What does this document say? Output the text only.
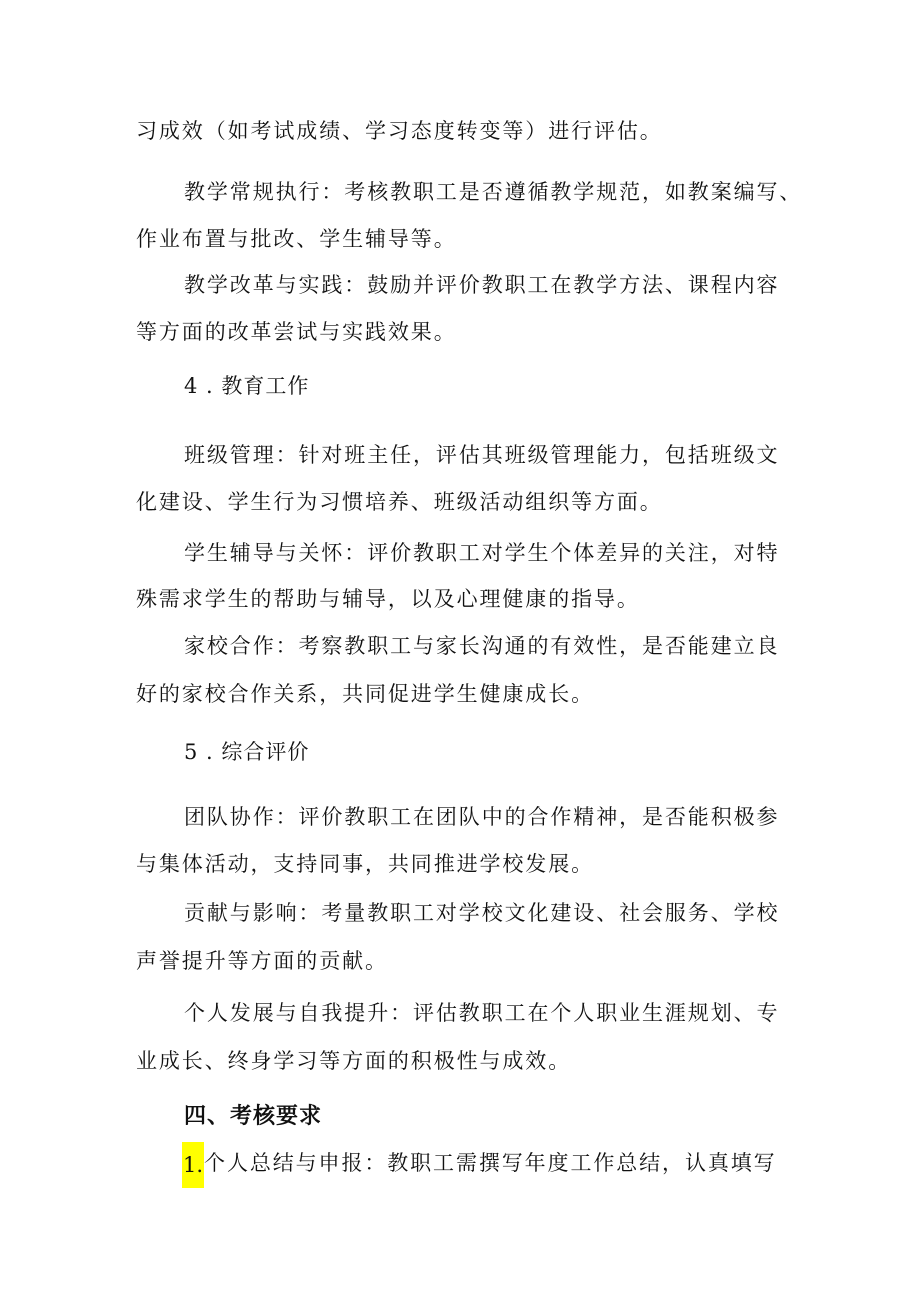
习成效（如考试成绩、学习态度转变等）进行评估。

教学常规执行：考核教职工是否遵循教学规范，如教案编写、

作业布置与批改、学生辅导等。

教学改革与实践：鼓励并评价教职工在教学方法、课程内容

等方面的改革尝试与实践效果。

4 . 教育工作

班级管理：针对班主任，评估其班级管理能力，包括班级文

化建设、学生行为习惯培养、班级活动组织等方面。

学生辅导与关怀：评价教职工对学生个体差异的关注，对特

殊需求学生的帮助与辅导，以及心理健康的指导。

家校合作：考察教职工与家长沟通的有效性，是否能建立良

好的家校合作关系，共同促进学生健康成长。

5 . 综合评价

团队协作：评价教职工在团队中的合作精神，是否能积极参

与集体活动，支持同事，共同推进学校发展。

贡献与影响：考量教职工对学校文化建设、社会服务、学校

声誉提升等方面的贡献。

个人发展与自我提升：评估教职工在个人职业生涯规划、专

业成长、终身学习等方面的积极性与成效。

四、考核要求

1.个人总结与申报：教职工需撰写年度工作总结，认真填写
